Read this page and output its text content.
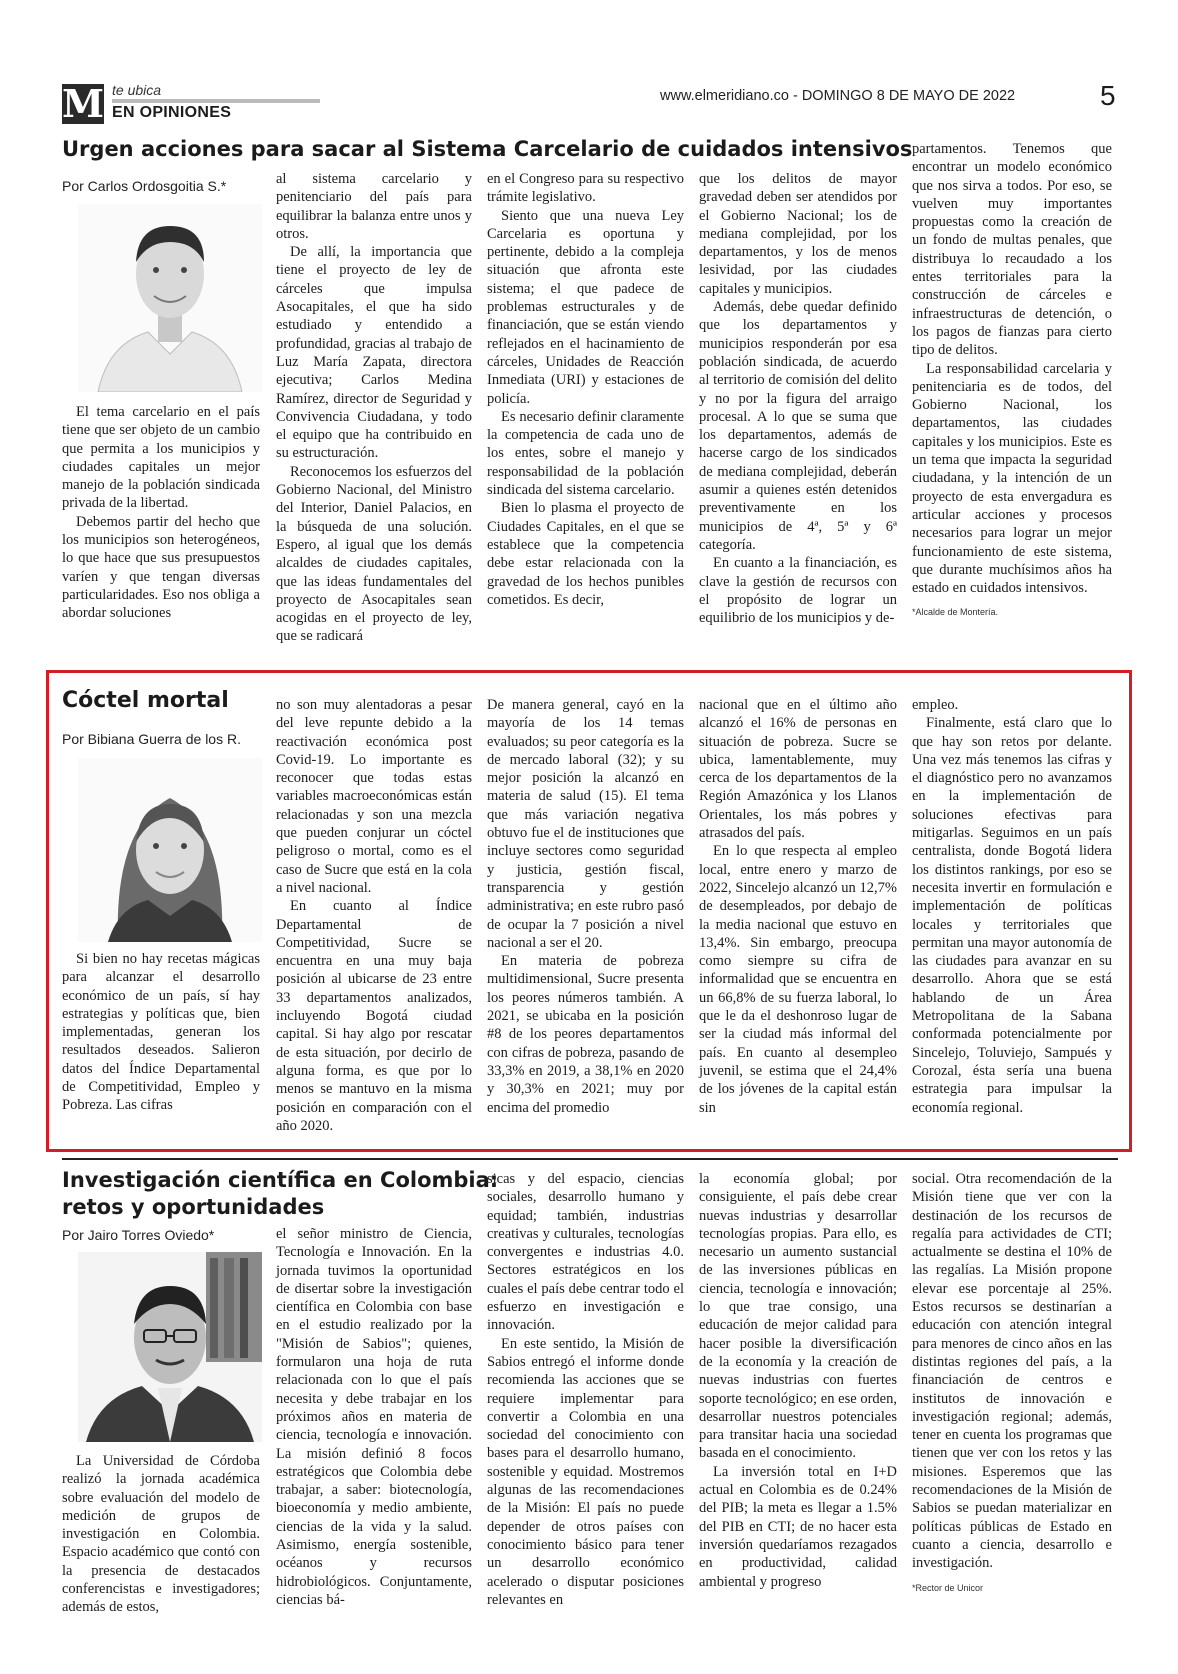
M te ubica
EN OPINIONES
www.elmeridiano.co - DOMINGO 8 DE MAYO DE 2022	5
Urgen acciones para sacar al Sistema Carcelario de cuidados intensivos
Por Carlos Ordosgoitia S.*

El tema carcelario en el país tiene que ser objeto de un cambio que permita a los municipios y ciudades capitales un mejor manejo de la población sindicada privada de la libertad.

Debemos partir del hecho que los municipios son heterogéneos, lo que hace que sus presupuestos varíen y que tengan diversas particularidades. Eso nos obliga a abordar soluciones

al sistema carcelario y penitenciario del país para equilibrar la balanza entre unos y otros.

De allí, la importancia que tiene el proyecto de ley de cárceles que impulsa Asocapitales, el que ha sido estudiado y entendido a profundidad, gracias al trabajo de Luz María Zapata, directora ejecutiva; Carlos Medina Ramírez, director de Seguridad y Convivencia Ciudadana, y todo el equipo que ha contribuido en su estructuración.

Reconocemos los esfuerzos del Gobierno Nacional, del Ministro del Interior, Daniel Palacios, en la búsqueda de una solución. Espero, al igual que los demás alcaldes de ciudades capitales, que las ideas fundamentales del proyecto de Asocapitales sean acogidas en el proyecto de ley, que se radicará

en el Congreso para su respectivo trámite legislativo.

Siento que una nueva Ley Carcelaria es oportuna y pertinente, debido a la compleja situación que afronta este sistema; el que padece de problemas estructurales y de financiación, que se están viendo reflejados en el hacinamiento de cárceles, Unidades de Reacción Inmediata (URI) y estaciones de policía.

Es necesario definir claramente la competencia de cada uno de los entes, sobre el manejo y responsabilidad de la población sindicada del sistema carcelario.

Bien lo plasma el proyecto de Ciudades Capitales, en el que se establece que la competencia debe estar relacionada con la gravedad de los hechos punibles cometidos. Es decir,

que los delitos de mayor gravedad deben ser atendidos por el Gobierno Nacional; los de mediana complejidad, por los departamentos, y los de menos lesividad, por las ciudades capitales y municipios.

Además, debe quedar definido que los departamentos y municipios responderán por esa población sindicada, de acuerdo al territorio de comisión del delito y no por la figura del arraigo procesal. A lo que se suma que los departamentos, además de hacerse cargo de los sindicados de mediana complejidad, deberán asumir a quienes estén detenidos preventivamente en los municipios de 4ª, 5ª y 6ª categoría.

En cuanto a la financiación, es clave la gestión de recursos con el propósito de lograr un equilibrio de los municipios y de-

partamentos. Tenemos que encontrar un modelo económico que nos sirva a todos. Por eso, se vuelven muy importantes propuestas como la creación de un fondo de multas penales, que distribuya lo recaudado a los entes territoriales para la construcción de cárceles e infraestructuras de detención, o los pagos de fianzas para cierto tipo de delitos.

La responsabilidad carcelaria y penitenciaria es de todos, del Gobierno Nacional, los departamentos, las ciudades capitales y los municipios. Este es un tema que impacta la seguridad ciudadana, y la intención de un proyecto de esta envergadura es articular acciones y procesos necesarios para lograr un mejor funcionamiento de este sistema, que durante muchísimos años ha estado en cuidados intensivos.

*Alcalde de Montería.
Cóctel mortal
Por Bibiana Guerra de los R.

Si bien no hay recetas mágicas para alcanzar el desarrollo económico de un país, sí hay estrategias y políticas que, bien implementadas, generan los resultados deseados. Salieron datos del Índice Departamental de Competitividad, Empleo y Pobreza. Las cifras

no son muy alentadoras a pesar del leve repunte debido a la reactivación económica post Covid-19. Lo importante es reconocer que todas estas variables macroeconómicas están relacionadas y son una mezcla que pueden conjurar un cóctel peligroso o mortal, como es el caso de Sucre que está en la cola a nivel nacional.

En cuanto al Índice Departamental de Competitividad, Sucre se encuentra en una muy baja posición al ubicarse de 23 entre 33 departamentos analizados, incluyendo Bogotá ciudad capital. Si hay algo por rescatar de esta situación, por decirlo de alguna forma, es que por lo menos se mantuvo en la misma posición en comparación con el año 2020.

De manera general, cayó en la mayoría de los 14 temas evaluados; su peor categoría es la de mercado laboral (32); y su mejor posición la alcanzó en materia de salud (15). El tema que más variación negativa obtuvo fue el de instituciones que incluye sectores como seguridad y justicia, gestión fiscal, transparencia y gestión administrativa; en este rubro pasó de ocupar la 7 posición a nivel nacional a ser el 20.

En materia de pobreza multidimensional, Sucre presenta los peores números también. A 2021, se ubicaba en la posición #8 de los peores departamentos con cifras de pobreza, pasando de 33,3% en 2019, a 38,1% en 2020 y 30,3% en 2021; muy por encima del promedio

nacional que en el último año alcanzó el 16% de personas en situación de pobreza. Sucre se ubica, lamentablemente, muy cerca de los departamentos de la Región Amazónica y los Llanos Orientales, los más pobres y atrasados del país.

En lo que respecta al empleo local, entre enero y marzo de 2022, Sincelejo alcanzó un 12,7% de desempleados, por debajo de la media nacional que estuvo en 13,4%. Sin embargo, preocupa como siempre su cifra de informalidad que se encuentra en un 66,8% de su fuerza laboral, lo que le da el deshonroso lugar de ser la ciudad más informal del país. En cuanto al desempleo juvenil, se estima que el 24,4% de los jóvenes de la capital están sin

empleo.

Finalmente, está claro que lo que hay son retos por delante. Una vez más tenemos las cifras y el diagnóstico pero no avanzamos en la implementación de soluciones efectivas para mitigarlas. Seguimos en un país centralista, donde Bogotá lidera los distintos rankings, por eso se necesita invertir en formulación e implementación de políticas locales y territoriales que permitan una mayor autonomía de las ciudades para avanzar en su desarrollo. Ahora que se está hablando de un Área Metropolitana de la Sabana conformada potencialmente por Sincelejo, Toluviejo, Sampués y Corozal, ésta sería una buena estrategia para impulsar la economía regional.

Investigación científica en Colombia:
retos y oportunidades
Por Jairo Torres Oviedo*

La Universidad de Córdoba realizó la jornada académica sobre evaluación del modelo de medición de grupos de investigación en Colombia. Espacio académico que contó con la presencia de destacados conferencistas e investigadores; además de estos,

el señor ministro de Ciencia, Tecnología e Innovación. En la jornada tuvimos la oportunidad de disertar sobre la investigación científica en Colombia con base en el estudio realizado por la "Misión de Sabios"; quienes, formularon una hoja de ruta relacionada con lo que el país necesita y debe trabajar en los próximos años en materia de ciencia, tecnología e innovación. La misión definió 8 focos estratégicos que Colombia debe trabajar, a saber: biotecnología, bioeconomía y medio ambiente, ciencias de la vida y la salud. Asimismo, energía sostenible, océanos y recursos hidrobiológicos. Conjuntamente, ciencias bá-

sicas y del espacio, ciencias sociales, desarrollo humano y equidad; también, industrias creativas y culturales, tecnologías convergentes e industrias 4.0. Sectores estratégicos en los cuales el país debe centrar todo el esfuerzo en investigación e innovación.

En este sentido, la Misión de Sabios entregó el informe donde recomienda las acciones que se requiere implementar para convertir a Colombia en una sociedad del conocimiento con bases para el desarrollo humano, sostenible y equidad. Mostremos algunas de las recomendaciones de la Misión: El país no puede depender de otros países con conocimiento básico para tener un desarrollo económico acelerado o disputar posiciones relevantes en

la economía global; por consiguiente, el país debe crear nuevas industrias y desarrollar tecnologías propias. Para ello, es necesario un aumento sustancial de las inversiones públicas en ciencia, tecnología e innovación; lo que trae consigo, una educación de mejor calidad para hacer posible la diversificación de la economía y la creación de nuevas industrias con fuertes soporte tecnológico; en ese orden, desarrollar nuestros potenciales para transitar hacia una sociedad basada en el conocimiento.

La inversión total en I+D actual en Colombia es de 0.24% del PIB; la meta es llegar a 1.5% del PIB en CTI; de no hacer esta inversión quedaríamos rezagados en productividad, calidad ambiental y progreso

social. Otra recomendación de la Misión tiene que ver con la destinación de los recursos de regalía para actividades de CTI; actualmente se destina el 10% de las regalías. La Misión propone elevar ese porcentaje al 25%. Estos recursos se destinarían a educación con atención integral para menores de cinco años en las distintas regiones del país, a la financiación de centros e institutos de innovación e investigación regional; además, tener en cuenta los programas que tienen que ver con los retos y las misiones. Esperemos que las recomendaciones de la Misión de Sabios se puedan materializar en políticas públicas de Estado en cuanto a ciencia, desarrollo e investigación.

*Rector de Unicor
